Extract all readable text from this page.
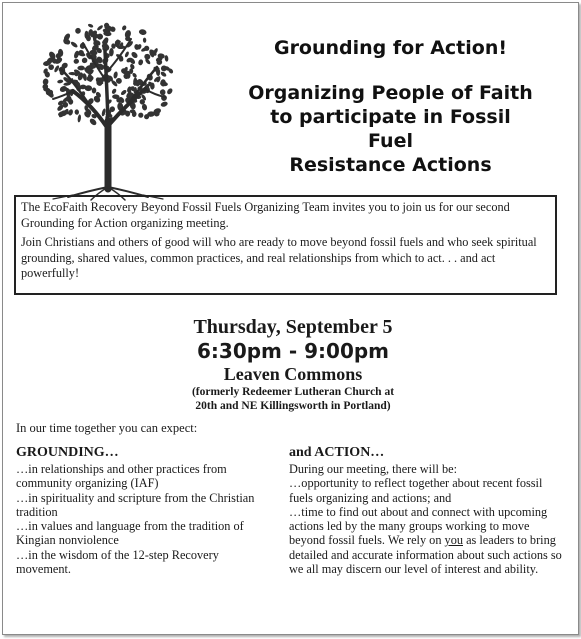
Grounding for Action!
Organizing People of Faith
to participate in Fossil
Fuel
Resistance Actions

The EcoFaith Recovery Beyond Fossil Fuels Organizing Team invites you to join us for our second Grounding for Action organizing meeting.

Join Christians and others of good will who are ready to move beyond fossil fuels and who seek spiritual grounding, shared values, common practices, and real relationships from which to act. . . and act powerfully!

Thursday, September 5
6:30pm - 9:00pm
Leaven Commons
(formerly Redeemer Lutheran Church at
20th and NE Killingsworth in Portland)
In our time together you can expect:
GROUNDING…

…in relationships and other practices from community organizing (IAF)

…in spirituality and scripture from the Christian tradition

…in values and language from the tradition of Kingian nonviolence

…in the wisdom of the 12-step Recovery movement.

and ACTION…

During our meeting, there will be:

…opportunity to reflect together about recent fossil fuels organizing and actions; and

…time to find out about and connect with upcoming actions led by the many groups working to move beyond fossil fuels. We rely on you as leaders to bring detailed and accurate information about such actions so we all may discern our level of interest and ability.
